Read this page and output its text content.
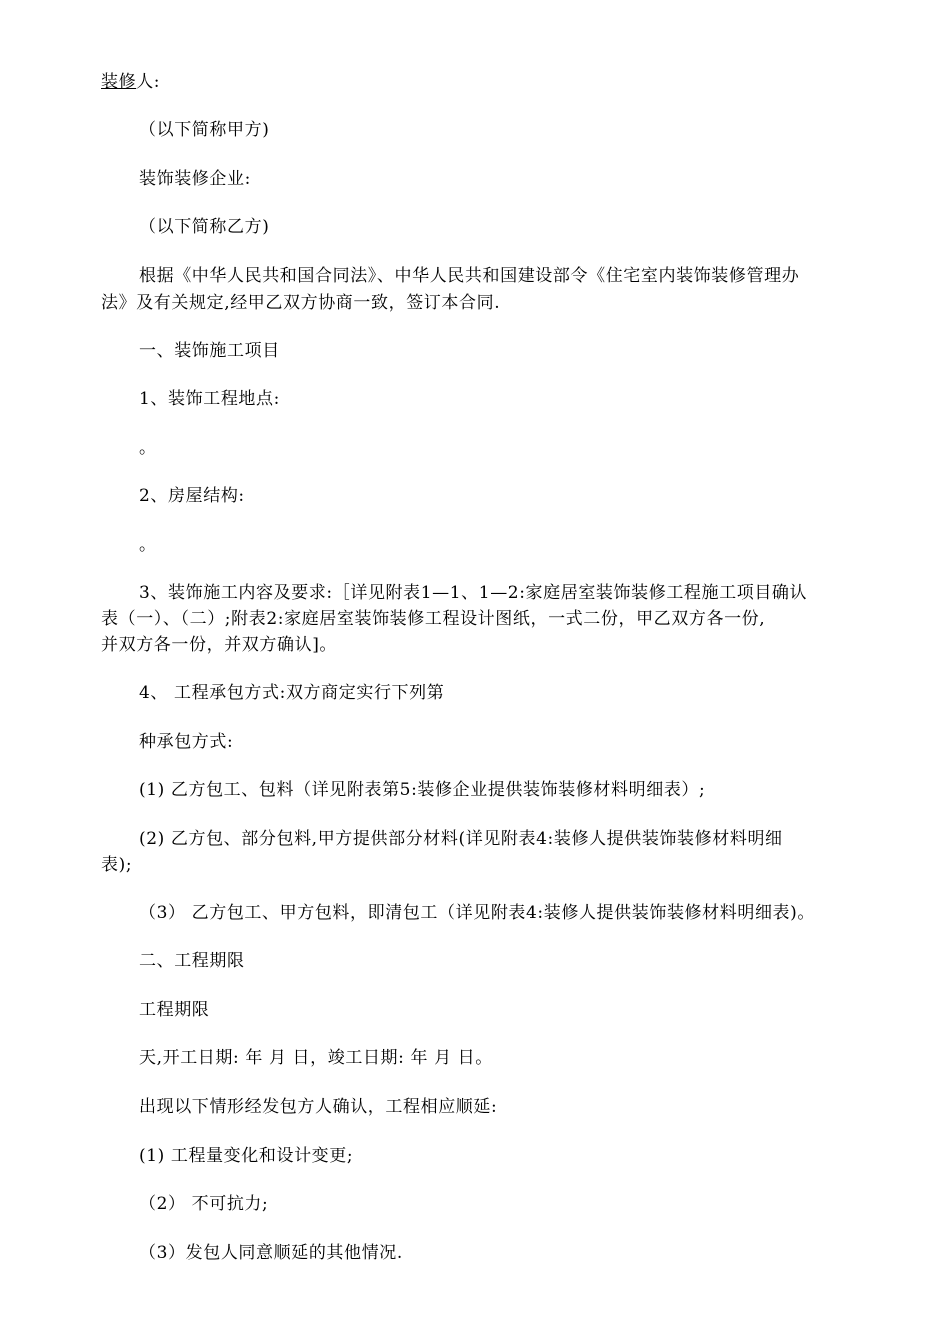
装修人:
（以下简称甲方)
装饰装修企业:
（以下简称乙方)
根据《中华人民共和国合同法》、中华人民共和国建设部令《住宅室内装饰装修管理办
法》及有关规定,经甲乙双方协商一致，签订本合同.
一、装饰施工项目
1、装饰工程地点:
。
2、房屋结构:
。
3、装饰施工内容及要求:［详见附表1—1、1—2:家庭居室装饰装修工程施工项目确认
表（一）、（二）;附表2:家庭居室装饰装修工程设计图纸，一式二份，甲乙双方各一份,
并双方各一份，并双方确认]。
4、 工程承包方式:双方商定实行下列第
种承包方式:
(1) 乙方包工、包料（详见附表第5:装修企业提供装饰装修材料明细表）;
(2) 乙方包、部分包料,甲方提供部分材料(详见附表4:装修人提供装饰装修材料明细
表);
（3） 乙方包工、甲方包料，即清包工（详见附表4:装修人提供装饰装修材料明细表)。
二、工程期限
工程期限
天,开工日期: 年 月 日，竣工日期: 年 月 日。
出现以下情形经发包方人确认，工程相应顺延:
(1) 工程量变化和设计变更;
（2） 不可抗力;
（3）发包人同意顺延的其他情况.
